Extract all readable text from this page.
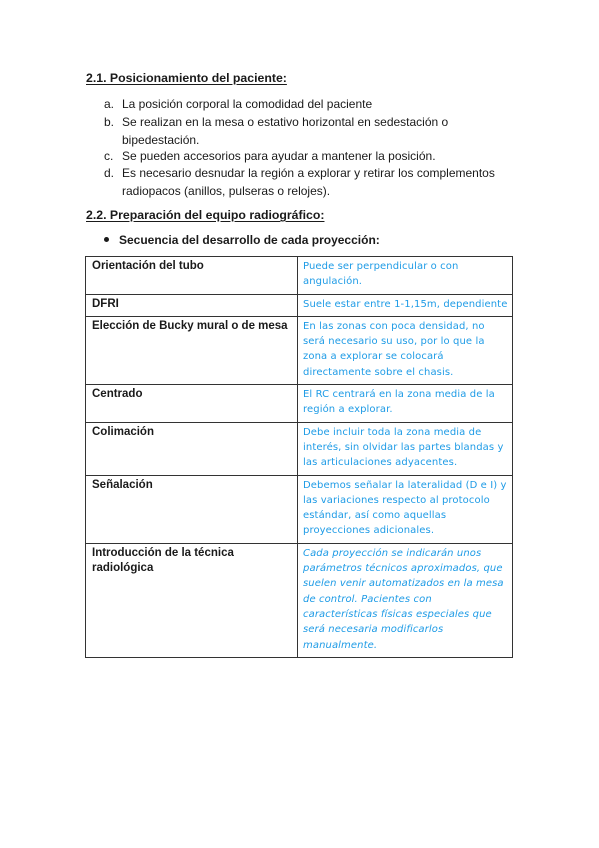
2.1. Posicionamiento del paciente:
a. La posición corporal la comodidad del paciente
b. Se realizan en la mesa o estativo horizontal en sedestación o bipedestación.
c. Se pueden accesorios para ayudar a mantener la posición.
d. Es necesario desnudar la región a explorar y retirar los complementos radiopacos (anillos, pulseras o relojes).
2.2. Preparación del equipo radiográfico:
Secuencia del desarrollo de cada proyección:
Orientación del tubo	Puede ser perpendicular o con angulación.
DFRI	Suele estar entre 1-1,15m, dependiente
Elección de Bucky mural o de mesa	En las zonas con poca densidad, no será necesario su uso, por lo que la zona a explorar se colocará directamente sobre el chasis.
Centrado	El RC centrará en la zona media de la región a explorar.
Colimación	Debe incluir toda la zona media de interés, sin olvidar las partes blandas y las articulaciones adyacentes.
Señalación	Debemos señalar la lateralidad (D e I) y las variaciones respecto al protocolo estándar, así como aquellas proyecciones adicionales.
Introducción de la técnica radiológica	Cada proyección se indicarán unos parámetros técnicos aproximados, que suelen venir automatizados en la mesa de control. Pacientes con características físicas especiales que será necesaria modificarlos manualmente.
